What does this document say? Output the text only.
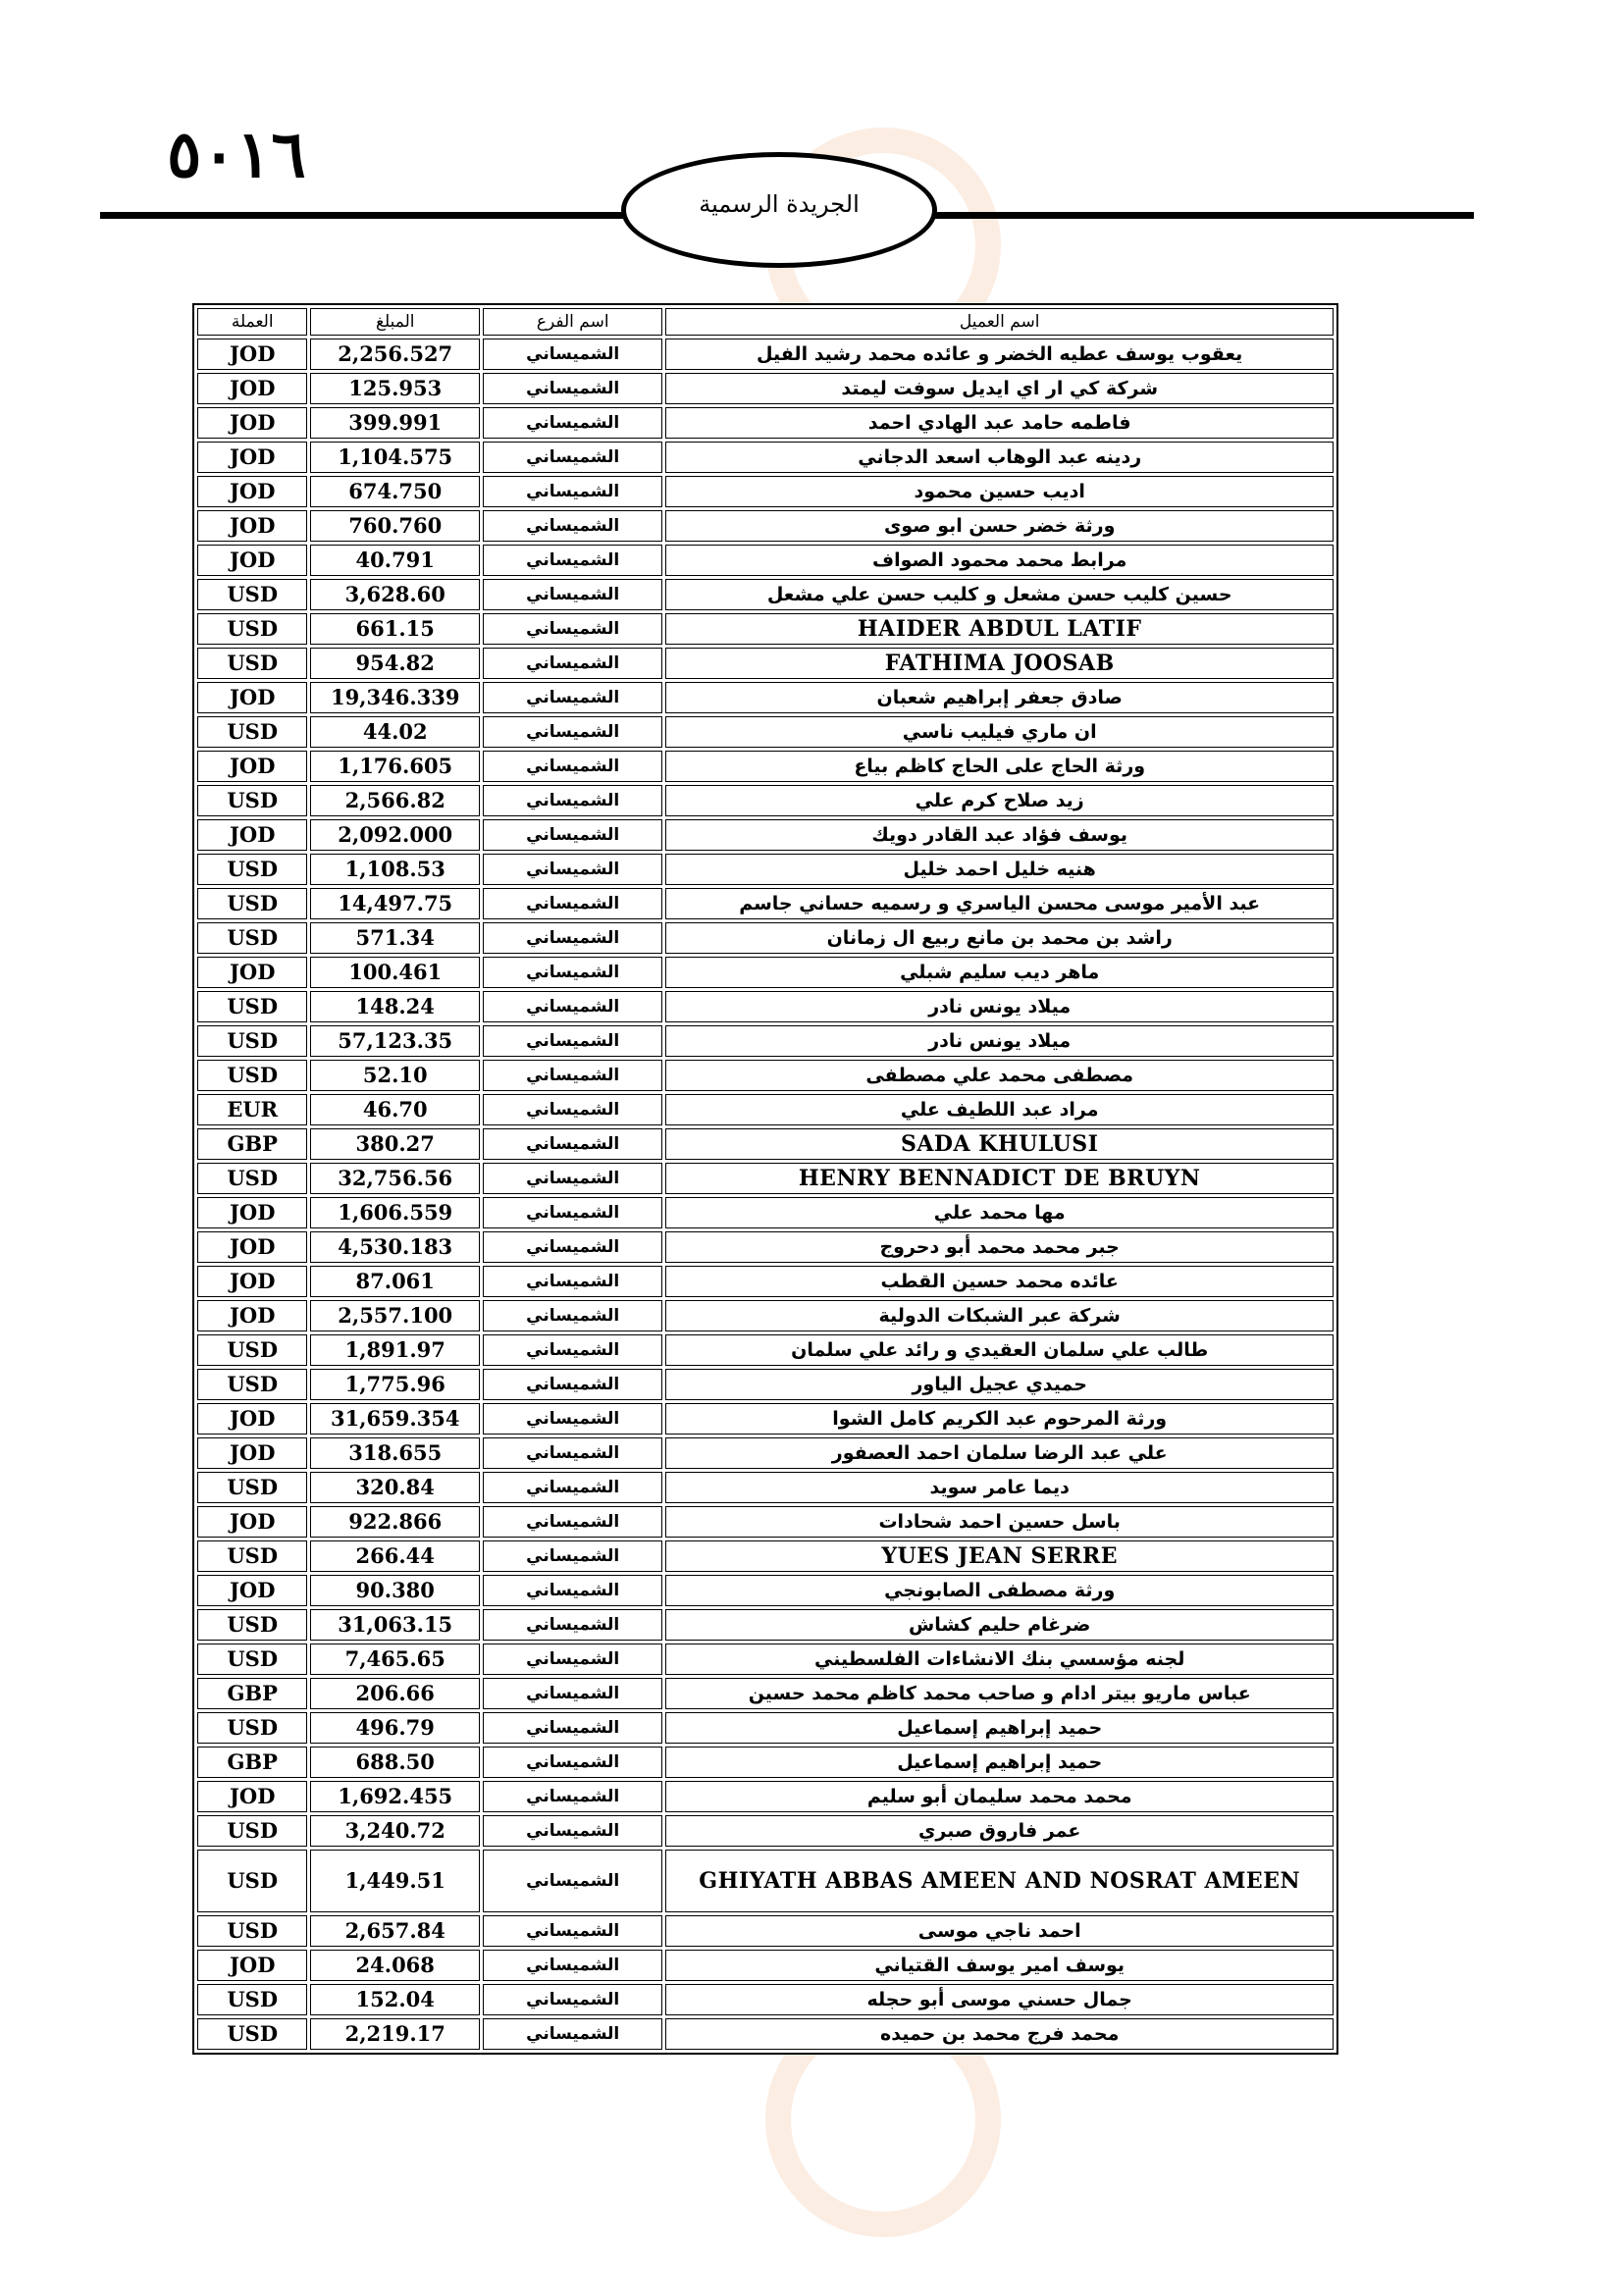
٥٠١٦
الجريدة الرسمية
اسم العميل	اسم الفرع	المبلغ	العملة
يعقوب يوسف عطيه الخضر و عائده محمد رشيد الفيل	الشميساني	2,256.527	JOD
شركة كي ار اي ايديل سوفت ليمتد	الشميساني	125.953	JOD
فاطمه حامد عبد الهادي احمد	الشميساني	399.991	JOD
ردينه عبد الوهاب اسعد الدجاني	الشميساني	1,104.575	JOD
اديب حسين محمود	الشميساني	674.750	JOD
ورثة خضر حسن ابو صوى	الشميساني	760.760	JOD
مرابط محمد محمود الصواف	الشميساني	40.791	JOD
حسين كليب حسن مشعل و كليب حسن علي مشعل	الشميساني	3,628.60	USD
HAIDER ABDUL LATIF	الشميساني	661.15	USD
FATHIMA JOOSAB	الشميساني	954.82	USD
صادق جعفر إبراهيم شعبان	الشميساني	19,346.339	JOD
ان ماري فيليب ناسي	الشميساني	44.02	USD
ورثة الحاج على الحاج كاظم بياع	الشميساني	1,176.605	JOD
زيد صلاح كرم علي	الشميساني	2,566.82	USD
يوسف فؤاد عبد القادر دويك	الشميساني	2,092.000	JOD
هنيه خليل احمد خليل	الشميساني	1,108.53	USD
عبد الأمير موسى محسن الياسري و رسميه حساني جاسم	الشميساني	14,497.75	USD
راشد بن محمد بن مانع ربيع ال زمانان	الشميساني	571.34	USD
ماهر ديب سليم شبلي	الشميساني	100.461	JOD
ميلاد يونس نادر	الشميساني	148.24	USD
ميلاد يونس نادر	الشميساني	57,123.35	USD
مصطفى محمد علي مصطفى	الشميساني	52.10	USD
مراد عبد اللطيف علي	الشميساني	46.70	EUR
SADA KHULUSI	الشميساني	380.27	GBP
HENRY BENNADICT DE BRUYN	الشميساني	32,756.56	USD
مها محمد علي	الشميساني	1,606.559	JOD
جبر محمد محمد أبو دحروج	الشميساني	4,530.183	JOD
عائده محمد حسين القطب	الشميساني	87.061	JOD
شركة عبر الشبكات الدولية	الشميساني	2,557.100	JOD
طالب علي سلمان العقيدي و رائد علي سلمان	الشميساني	1,891.97	USD
حميدي عجيل الياور	الشميساني	1,775.96	USD
ورثة المرحوم عبد الكريم كامل الشوا	الشميساني	31,659.354	JOD
علي عبد الرضا سلمان احمد العصفور	الشميساني	318.655	JOD
ديما عامر سويد	الشميساني	320.84	USD
باسل حسين احمد شحادات	الشميساني	922.866	JOD
YUES JEAN SERRE	الشميساني	266.44	USD
ورثة مصطفى الصابونجي	الشميساني	90.380	JOD
ضرغام حليم كشاش	الشميساني	31,063.15	USD
لجنه مؤسسي بنك الانشاءات الفلسطيني	الشميساني	7,465.65	USD
عباس ماريو بيتر ادام و صاحب محمد كاظم محمد حسين	الشميساني	206.66	GBP
حميد إبراهيم إسماعيل	الشميساني	496.79	USD
حميد إبراهيم إسماعيل	الشميساني	688.50	GBP
محمد محمد سليمان أبو سليم	الشميساني	1,692.455	JOD
عمر فاروق صبري	الشميساني	3,240.72	USD
GHIYATH ABBAS AMEEN AND NOSRAT AMEEN	الشميساني	1,449.51	USD
احمد ناجي موسى	الشميساني	2,657.84	USD
يوسف امير يوسف القتياني	الشميساني	24.068	JOD
جمال حسني موسى أبو حجله	الشميساني	152.04	USD
محمد فرج محمد بن حميده	الشميساني	2,219.17	USD
